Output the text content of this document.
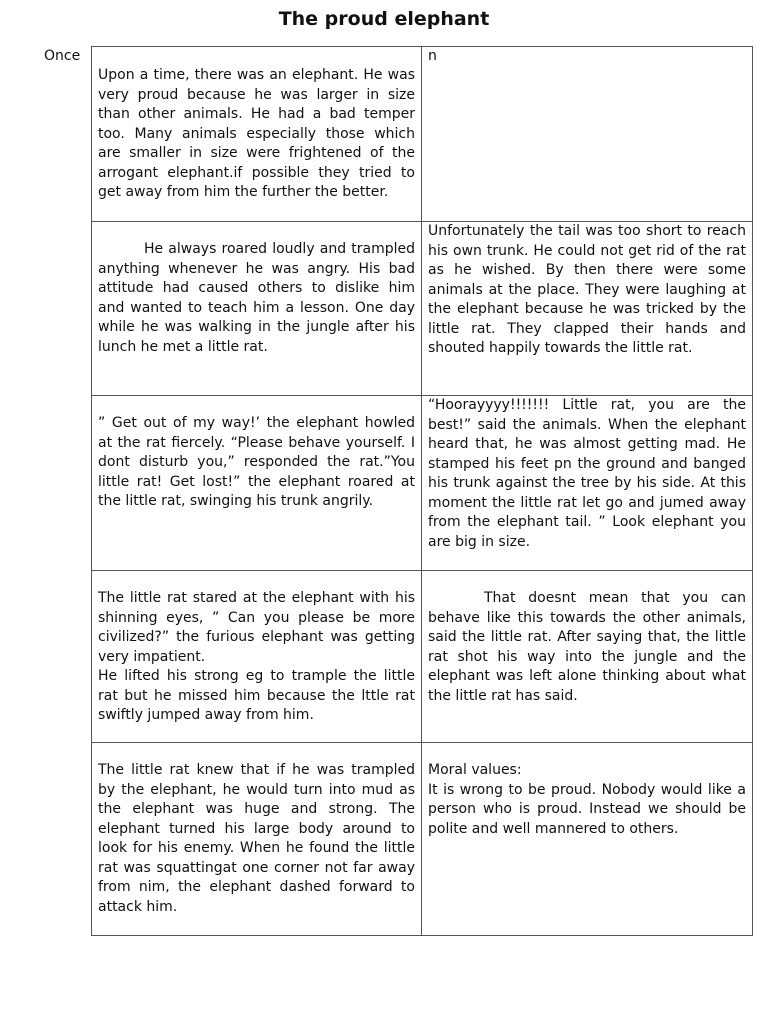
The proud elephant
Once

Upon a time, there was an elephant. He was very proud because he was larger in size than other animals. He had a bad temper too. Many animals especially those which are smaller in size were frightened of the arrogant elephant.if possible they tried to get away from him the further the better.

n

He always roared loudly and trampled anything whenever he was angry. His bad attitude had caused others to dislike him and wanted to teach him a lesson. One day while he was walking in the jungle after his lunch he met a little rat.

Unfortunately the tail was too short to reach his own trunk. He could not get rid of the rat as he wished. By then there were some animals at the place. They were laughing at the elephant because he was tricked by the little rat. They clapped their hands and shouted happily towards the little rat.

” Get out of my way!’ the elephant howled at the rat fiercely. “Please behave yourself. I dont disturb you,” responded the rat.”You little rat! Get lost!” the elephant roared at the little rat, swinging his trunk angrily.

“Hoorayyyy!!!!!!! Little rat, you are the best!” said the animals. When the elephant heard that, he was almost getting mad. He stamped his feet pn the ground and banged his trunk against the tree by his side. At this moment the little rat let go and jumed away from the elephant tail. ” Look elephant you are big in size.

The little rat stared at the elephant with his shinning eyes, ” Can you please be more civilized?” the furious elephant was getting very impatient.

He lifted his strong eg to trample the little rat but he missed him because the lttle rat swiftly jumped away from him.

That doesnt mean that you can behave like this towards the other animals, said the little rat. After saying that, the little rat shot his way into the jungle and the elephant was left alone thinking about what the little rat has said.

The little rat knew that if he was trampled by the elephant, he would turn into mud as the elephant was huge and strong. The elephant turned his large body around to look for his enemy. When he found the little rat was squattingat one corner not far away from nim, the elephant dashed forward to attack him.

Moral values:

It is wrong to be proud. Nobody would like a person who is proud. Instead we should be polite and well mannered to others.
